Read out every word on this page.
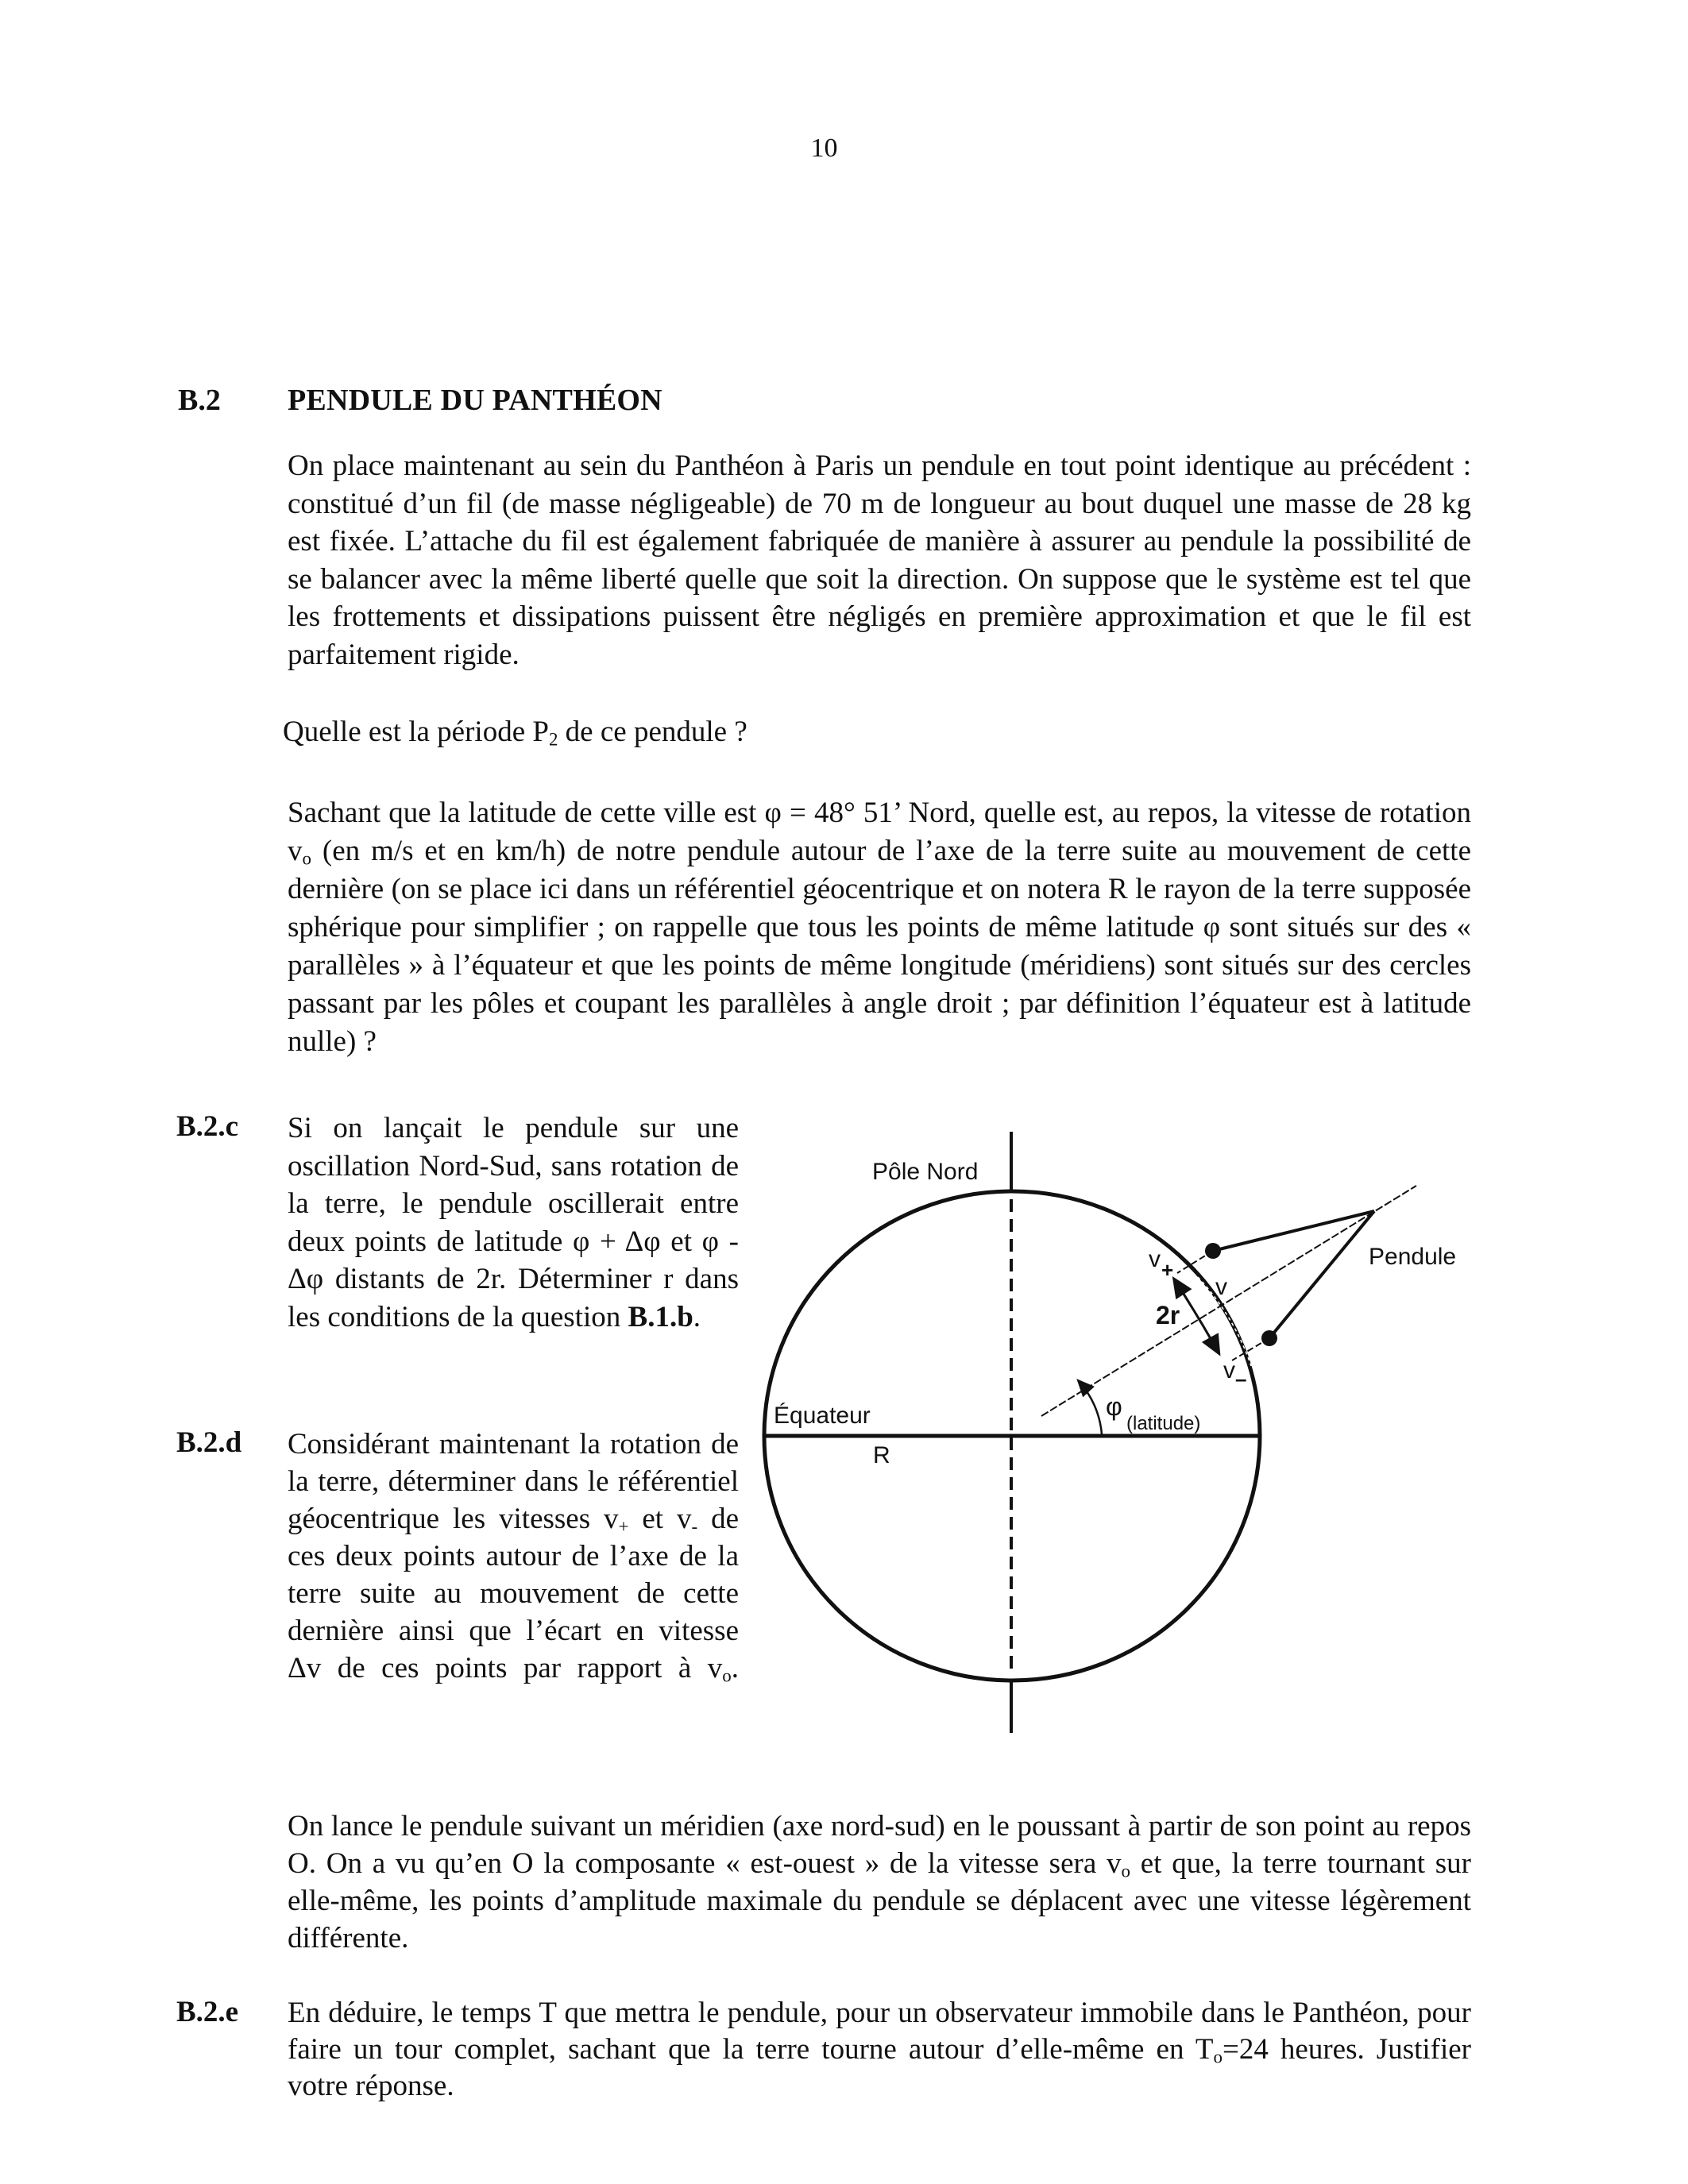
10
B.2 PENDULE DU PANTHÉON
On place maintenant au sein du Panthéon à Paris un pendule en tout point identique au précédent : constitué d’un fil (de masse négligeable) de 70 m de longueur au bout duquel une masse de 28 kg est fixée. L’attache du fil est également fabriquée de manière à assurer au pendule la possibilité de se balancer avec la même liberté quelle que soit la direction. On suppose que le système est tel que les frottements et dissipations puissent être négligés en première approximation et que le fil est parfaitement rigide.
Quelle est la période $P_2$ de ce pendule ?
Sachant que la latitude de cette ville est φ = 48° 51’ Nord, quelle est, au repos, la vitesse de rotation $v_o$ (en m/s et en km/h) de notre pendule autour de l’axe de la terre suite au mouvement de cette dernière (on se place ici dans un référentiel géocentrique et on notera R le rayon de la terre supposée sphérique pour simplifier ; on rappelle que tous les points de même latitude φ sont situés sur des « parallèles » à l’équateur et que les points de même longitude (méridiens) sont situés sur des cercles passant par les pôles et coupant les parallèles à angle droit ; par définition l’équateur est à latitude nulle) ?
B.2.c Si on lançait le pendule sur une oscillation Nord-Sud, sans rotation de la terre, le pendule oscillerait entre deux points de latitude φ + Δφ et φ - Δφ distants de 2r. Déterminer r dans les conditions de la question B.1.b.
B.2.d Considérant maintenant la rotation de la terre, déterminer dans le référentiel géocentrique les vitesses $v_+$ et $v_-$ de ces deux points autour de l’axe de la terre suite au mouvement de cette dernière ainsi que l’écart en vitesse Δv de ces points par rapport à $v_o$.
Pôle Nord
Équateur
R
Pendule
v +
v
2r
v –
φ
(latitude)
On lance le pendule suivant un méridien (axe nord-sud) en le poussant à partir de son point au repos O. On a vu qu’en O la composante « est-ouest » de la vitesse sera $v_o$ et que, la terre tournant sur elle-même, les points d’amplitude maximale du pendule se déplacent avec une vitesse légèrement différente.
B.2.e En déduire, le temps T que mettra le pendule, pour un observateur immobile dans le Panthéon, pour faire un tour complet, sachant que la terre tourne autour d’elle-même en $T_o=24$ heures. Justifier votre réponse.
